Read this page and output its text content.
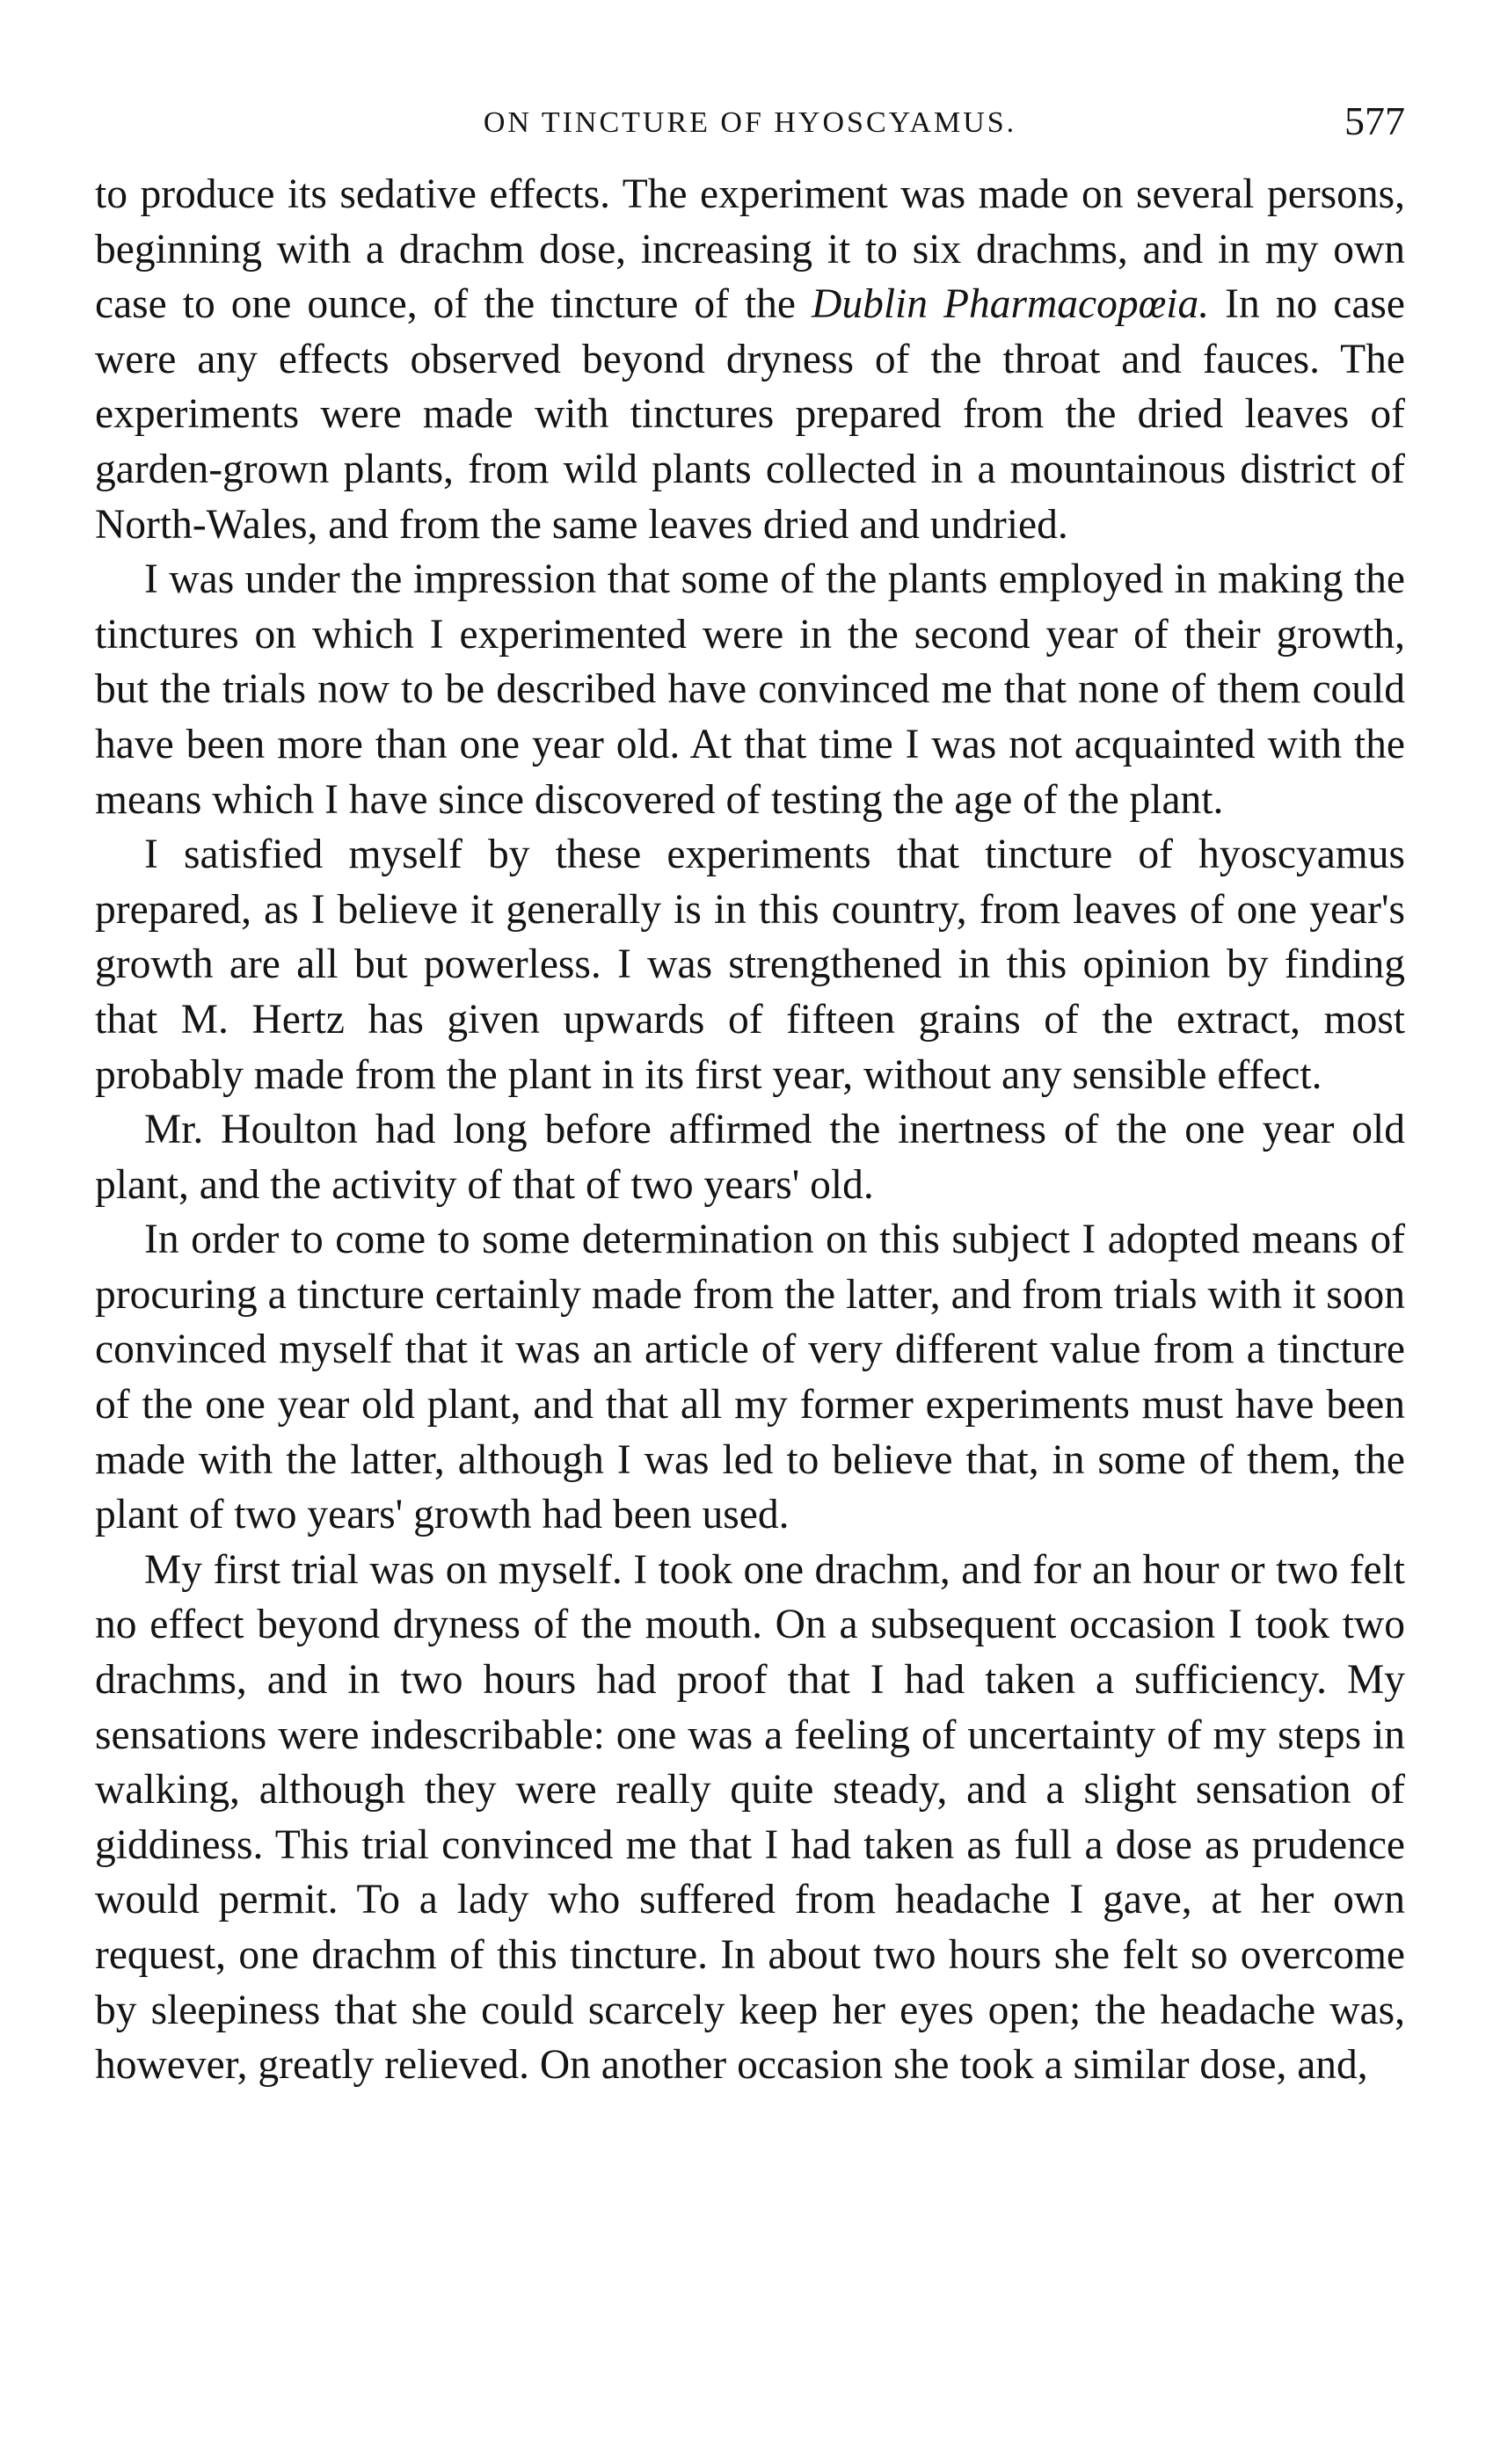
ON TINCTURE OF HYOSCYAMUS.	577

to produce its sedative effects. The experiment was made on several persons, beginning with a drachm dose, increasing it to six drachms, and in my own case to one ounce, of the tincture of the Dublin Pharmacopœia. In no case were any effects observed beyond dryness of the throat and fauces. The experiments were made with tinctures prepared from the dried leaves of garden-grown plants, from wild plants collected in a mountainous district of North-Wales, and from the same leaves dried and undried.

I was under the impression that some of the plants employed in making the tinctures on which I experimented were in the second year of their growth, but the trials now to be described have convinced me that none of them could have been more than one year old. At that time I was not acquainted with the means which I have since discovered of testing the age of the plant.

I satisfied myself by these experiments that tincture of hyoscyamus prepared, as I believe it generally is in this country, from leaves of one year's growth are all but powerless. I was strengthened in this opinion by finding that M. Hertz has given upwards of fifteen grains of the extract, most probably made from the plant in its first year, without any sensible effect.

Mr. Houlton had long before affirmed the inertness of the one year old plant, and the activity of that of two years' old.

In order to come to some determination on this subject I adopted means of procuring a tincture certainly made from the latter, and from trials with it soon convinced myself that it was an article of very different value from a tincture of the one year old plant, and that all my former experiments must have been made with the latter, although I was led to believe that, in some of them, the plant of two years' growth had been used.

My first trial was on myself. I took one drachm, and for an hour or two felt no effect beyond dryness of the mouth. On a subsequent occasion I took two drachms, and in two hours had proof that I had taken a sufficiency. My sensations were indescribable: one was a feeling of uncertainty of my steps in walking, although they were really quite steady, and a slight sensation of giddiness. This trial convinced me that I had taken as full a dose as prudence would permit. To a lady who suffered from headache I gave, at her own request, one drachm of this tincture. In about two hours she felt so overcome by sleepiness that she could scarcely keep her eyes open; the headache was, however, greatly relieved. On another occasion she took a similar dose, and,
